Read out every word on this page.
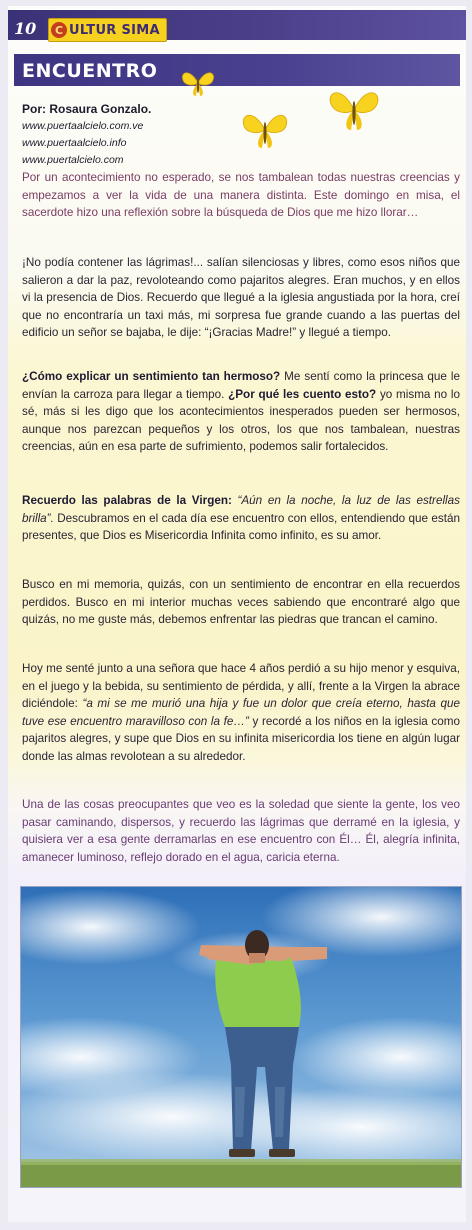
10	C ULTUR SIMA
ENCUENTRO
Por: Rosaura Gonzalo.
www.puertaalcielo.com.ve
www.puertaalcielo.info
www.puertalcielo.com

Por un acontecimiento no esperado, se nos tambalean todas nuestras creencias y empezamos a ver la vida de una manera distinta. Este domingo en misa, el sacerdote hizo una reflexión sobre la búsqueda de Dios que me hizo llorar…

¡No podía contener las lágrimas!... salían silenciosas y libres, como esos niños que salieron a dar la paz, revoloteando como pajaritos alegres. Eran muchos, y en ellos vi la presencia de Dios. Recuerdo que llegué a la iglesia angustiada por la hora, creí que no encontraría un taxi más, mi sorpresa fue grande cuando a las puertas del edificio un señor se bajaba, le dije: “¡Gracias Madre!” y llegué a tiempo.

¿Cómo explicar un sentimiento tan hermoso? Me sentí como la princesa que le envían la carroza para llegar a tiempo. ¿Por qué les cuento esto? yo misma no lo sé, más si les digo que los acontecimientos inesperados pueden ser hermosos, aunque nos parezcan pequeños y los otros, los que nos tambalean, nuestras creencias, aún en esa parte de sufrimiento, podemos salir fortalecidos.

Recuerdo las palabras de la Virgen: “Aún en la noche, la luz de las estrellas brilla”. Descubramos en el cada día ese encuentro con ellos, entendiendo que están presentes, que Dios es Misericordia Infinita como infinito, es su amor.

Busco en mi memoria, quizás, con un sentimiento de encontrar en ella recuerdos perdidos. Busco en mi interior muchas veces sabiendo que encontraré algo que quizás, no me guste más, debemos enfrentar las piedras que trancan el camino.

Hoy me senté junto a una señora que hace 4 años perdió a su hijo menor y esquiva, en el juego y la bebida, su sentimiento de pérdida, y allí, frente a la Virgen la abrace diciéndole: “a mi se me murió una hija y fue un dolor que creía eterno, hasta que tuve ese encuentro maravilloso con la fe…” y recordé a los niños en la iglesia como pajaritos alegres, y supe que Dios en su infinita misericordia los tiene en algún lugar donde las almas revolotean a su alrededor.

Una de las cosas preocupantes que veo es la soledad que siente la gente, los veo pasar caminando, dispersos, y recuerdo las lágrimas que derramé en la iglesia, y quisiera ver a esa gente derramarlas en ese encuentro con Él… Él, alegría infinita, amanecer luminoso, reflejo dorado en el agua, caricia eterna.
